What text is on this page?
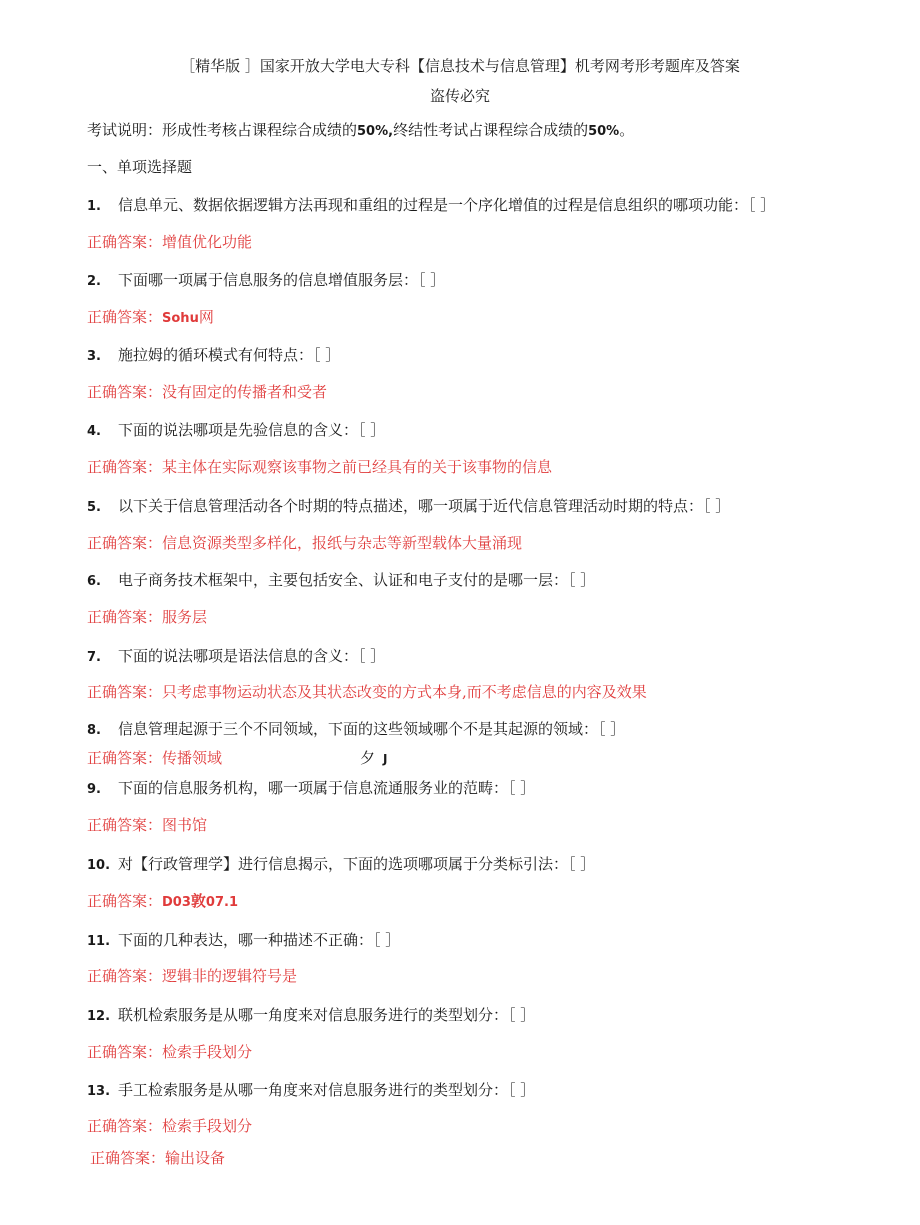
［精华版 ］国家开放大学电大专科【信息技术与信息管理】机考网考形考题库及答案
盗传必究
考试说明：形成性考核占课程综合成绩的50%,终结性考试占课程综合成绩的50%。
一、单项选择题
1. 信息单元、数据依据逻辑方法再现和重组的过程是一个序化增值的过程是信息组织的哪项功能：［ ］
正确答案：增值优化功能
2. 下面哪一项属于信息服务的信息增值服务层：［ ］
正确答案：Sohu网
3. 施拉姆的循环模式有何特点：［ ］
正确答案：没有固定的传播者和受者
4. 下面的说法哪项是先验信息的含义：［ ］
正确答案：某主体在实际观察该事物之前已经具有的关于该事物的信息
5. 以下关于信息管理活动各个时期的特点描述，哪一项属于近代信息管理活动时期的特点：［ ］
正确答案：信息资源类型多样化，报纸与杂志等新型载体大量涌现
6. 电子商务技术框架中，主要包括安全、认证和电子支付的是哪一层：［ ］
正确答案：服务层
7. 下面的说法哪项是语法信息的含义：［ ］
正确答案：只考虑事物运动状态及其状态改变的方式本身,而不考虑信息的内容及效果
8. 信息管理起源于三个不同领域，下面的这些领域哪个不是其起源的领域：［ ］
正确答案：传播领域	夕 J
9. 下面的信息服务机构，哪一项属于信息流通服务业的范畴：［ ］
正确答案：图书馆
10. 对【行政管理学】进行信息揭示，下面的选项哪项属于分类标引法：［ ］
正确答案：D03敦07.1
11. 下面的几种表达，哪一种描述不正确：［ ］
正确答案：逻辑非的逻辑符号是
12. 联机检索服务是从哪一角度来对信息服务进行的类型划分：［ ］
正确答案：检索手段划分
13. 手工检索服务是从哪一角度来对信息服务进行的类型划分：［ ］
正确答案：检索手段划分
正确答案：输出设备
